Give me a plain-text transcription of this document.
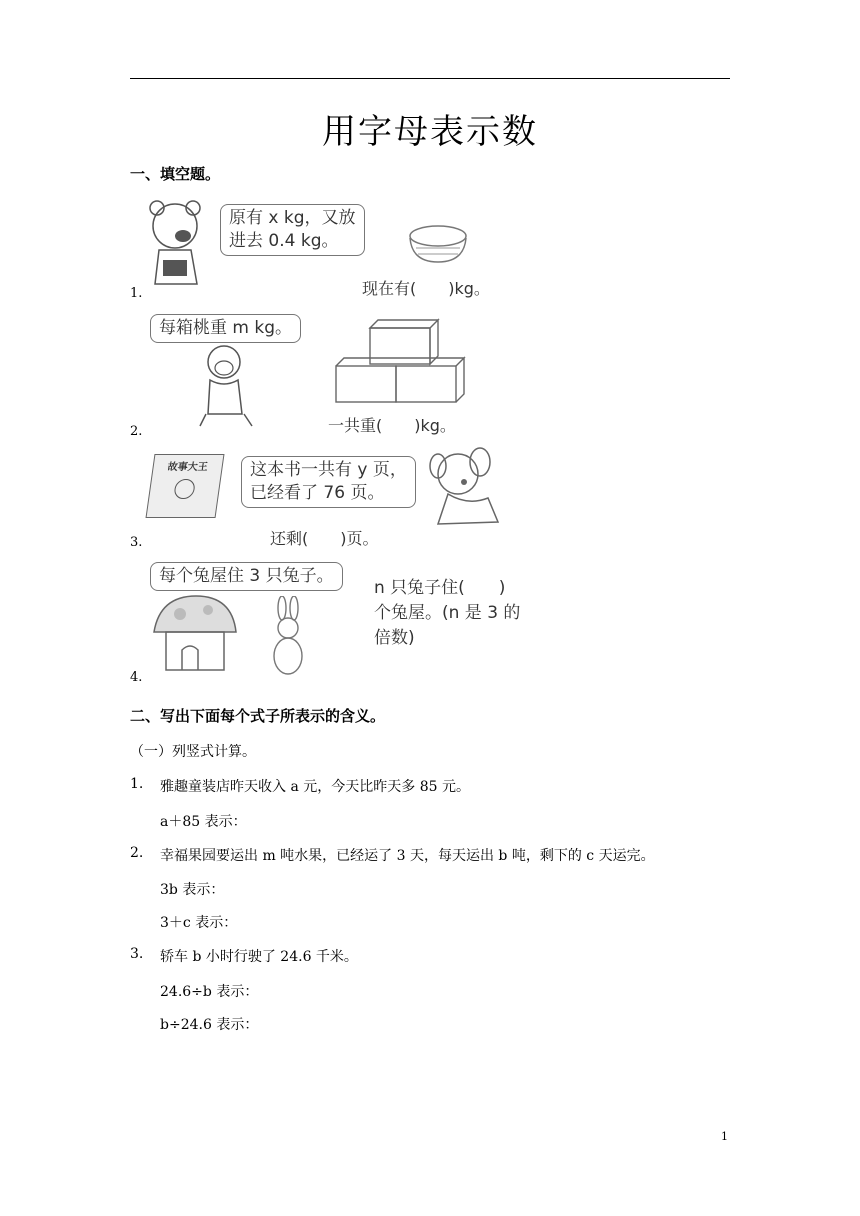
用字母表示数
一、填空题。
1.
原有 x kg，又放
进去 0.4 kg。
现在有(　　)kg。
2.
每箱桃重 m kg。
一共重(　　)kg。
3.
故事大王	这本书一共有 y 页，
已经看了 76 页。
还剩(　　)页。
4.
每个兔屋住 3 只兔子。
n 只兔子住(　　)
个兔屋。(n 是 3 的
倍数)
二、写出下面每个式子所表示的含义。
（一）列竖式计算。
1. 雅趣童装店昨天收入 a 元，今天比昨天多 85 元。
a＋85 表示：
2. 幸福果园要运出 m 吨水果，已经运了 3 天，每天运出 b 吨，剩下的 c 天运完。
3b 表示：
3＋c 表示：
3. 轿车 b 小时行驶了 24.6 千米。
24.6÷b 表示：
b÷24.6 表示：
1
